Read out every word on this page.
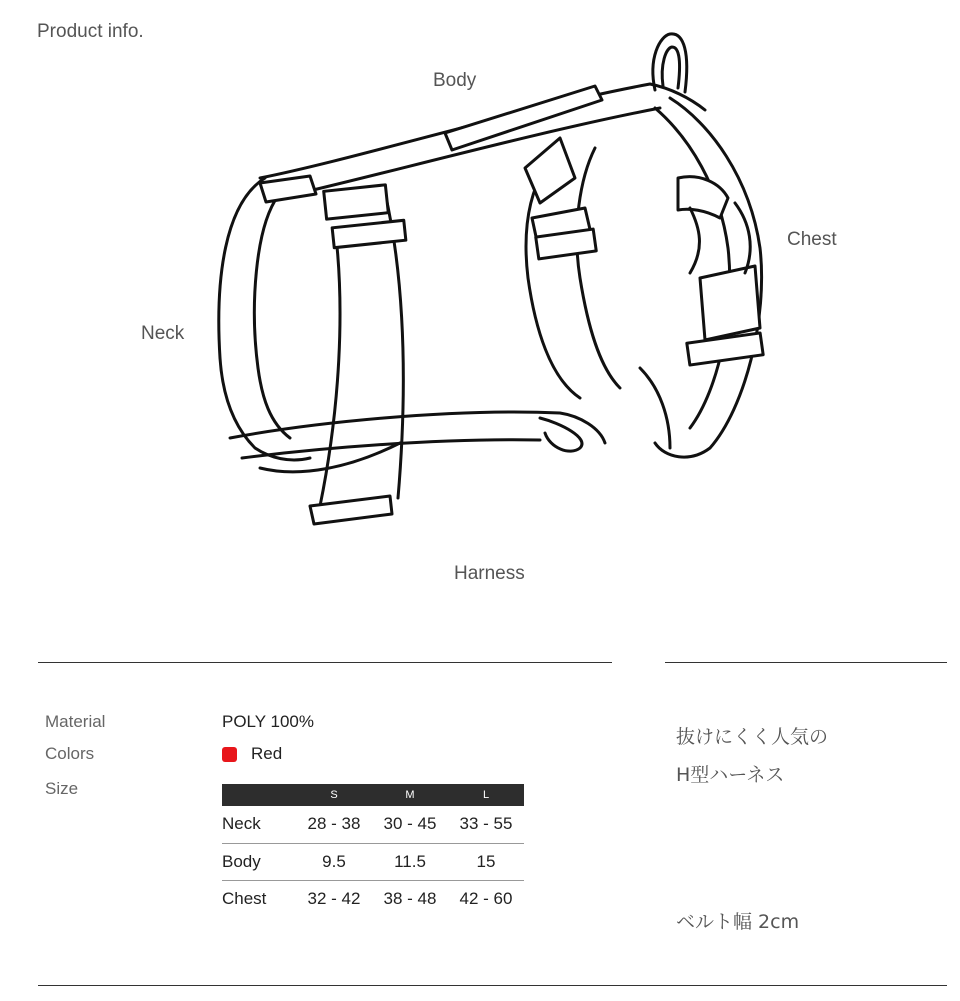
Product info.
Body
Chest
Neck
Harness
Material	POLY 100%
Colors	Red
Size
		S	M	L
Neck	28 - 38	30 - 45	33 - 55
Body	9.5	11.5	15
Chest	32 - 42	38 - 48	42 - 60
抜けにくく人気の
H型ハーネス
ベルト幅 2cm
